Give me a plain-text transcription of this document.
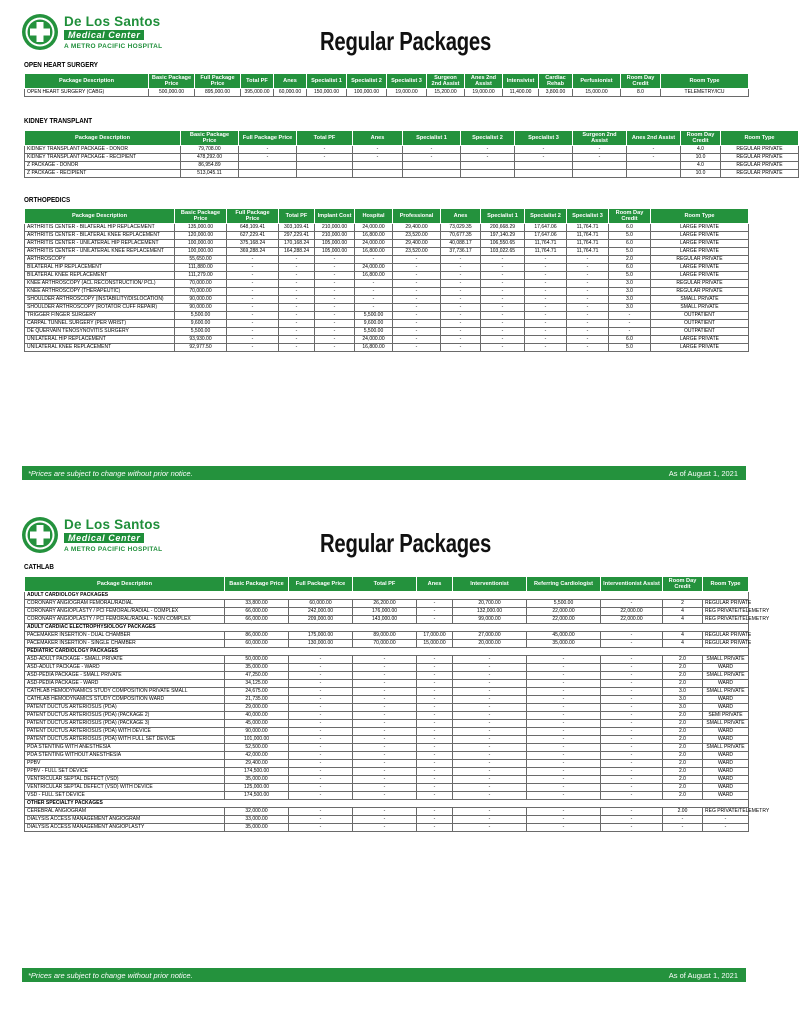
De Los Santos
Medical Center
A METRO PACIFIC HOSPITAL	Regular Packages
OPEN HEART SURGERY
Package Description	Basic Package Price	Full Package Price	Total PF	Anes	Specialist 1	Specialist 2	Specialist 3	Surgeon 2nd Assist	Anes 2nd Assist	Intensivist	Cardiac Rehab	Perfusionist	Room Day Credit	Room Type
OPEN HEART SURGERY (CABG)	500,000.00	895,000.00	395,000.00	60,000.00	150,000.00	100,000.00	19,000.00	15,200.00	19,000.00	11,400.00	3,800.00	15,000.00	8.0	TELEMETRY/ICU
KIDNEY TRANSPLANT
Package Description	Basic Package Price	Full Package Price	Total PF	Anes	Specialist 1	Specialist 2	Specialist 3	Surgeon 2nd Assist	Anes 2nd Assist	Room Day Credit	Room Type
KIDNEY TRANSPLANT PACKAGE - DONOR	79,708.00	-	-	-	-	-	-	-	-	4.0	REGULAR PRIVATE
KIDNEY TRANSPLANT PACKAGE - RECIPIENT	478,292.00	-	-	-	-	-	-	-	-	10.0	REGULAR PRIVATE
Z PACKAGE - DONOR	86,954.89									4.0	REGULAR PRIVATE
Z PACKAGE - RECIPIENT	513,045.11									10.0	REGULAR PRIVATE
ORTHOPEDICS
Package Description	Basic Package Price	Full Package Price	Total PF	Implant Cost	Hospital	Professional	Anes	Specialist 1	Specialist 2	Specialist 3	Room Day Credit	Room Type
ARTHRITIS CENTER - BILATERAL HIP REPLACEMENT	135,000.00	648,109.41	303,109.41	210,000.00	24,000.00	29,400.00	73,029.35	200,668.29	17,647.06	11,764.71	6.0	LARGE PRIVATE
ARTHRITIS CENTER - BILATERAL KNEE REPLACEMENT	120,000.00	627,229.41	297,229.41	210,000.00	16,800.00	23,520.00	70,677.35	197,140.29	17,647.06	11,764.71	5.0	LARGE PRIVATE
ARTHRITIS CENTER - UNILATERAL HIP REPLACEMENT	100,000.00	375,168.24	170,168.24	105,000.00	24,000.00	29,400.00	40,088.17	106,550.65	11,764.71	11,764.71	6.0	LARGE PRIVATE
ARTHRITIS CENTER - UNILATERAL KNEE REPLACEMENT	100,000.00	369,288.24	164,288.24	105,000.00	16,800.00	23,520.00	37,736.17	103,022.65	11,764.71	11,764.71	5.0	LARGE PRIVATE
ARTHROSCOPY	55,650.00	-	-	-	-	-	-	-	-	-	2.0	REGULAR PRIVATE
BILATERAL HIP REPLACEMENT	111,880.00	-	-	-	24,000.00	-	-	-	-	-	6.0	LARGE PRIVATE
BILATERAL KNEE REPLACEMENT	111,279.00	-	-	-	16,800.00	-	-	-	-	-	5.0	LARGE PRIVATE
KNEE ARTHROSCOPY (ACL RECONSTRUCTION/ PCL)	70,000.00	-	-	-	-	-	-	-	-	-	3.0	REGULAR PRIVATE
KNEE ARTHROSCOPY (THERAPEUTIC)	70,000.00	-	-	-	-	-	-	-	-	-	3.0	REGULAR PRIVATE
SHOULDER ARTHROSCOPY (INSTABILITY/DISLOCATION)	90,000.00	-	-	-	-	-	-	-	-	-	3.0	SMALL PRIVATE
SHOULDER ARTHROSCOPY (ROTATOR CUFF REPAIR)	90,000.00	-	-	-	-	-	-	-	-	-	3.0	SMALL PRIVATE
TRIGGER FINGER SURGERY	5,500.00	-	-	-	5,500.00	-	-	-	-	-	-	OUTPATIENT
CARPAL TUNNEL SURGERY (PER WRIST)	9,600.00	-	-	-	9,600.00	-	-	-	-	-	-	OUTPATIENT
DE QUERVAIN TENOSYNOVITIS SURGERY	5,500.00	-	-	-	5,500.00	-	-	-	-	-	-	OUTPATIENT
UNILATERAL HIP REPLACEMENT	93,930.00	-	-	-	24,000.00	-	-	-	-	-	6.0	LARGE PRIVATE
UNILATERAL KNEE REPLACEMENT	92,977.50	-	-	-	16,800.00	-	-	-	-	-	5.0	LARGE PRIVATE
*Prices are subject to change without prior notice.	As of August 1, 2021
De Los Santos
Medical Center
A METRO PACIFIC HOSPITAL	Regular Packages
CATHLAB
Package Description	Basic Package Price	Full Package Price	Total PF	Anes	Interventionist	Referring Cardiologist	Interventionist Assist	Room Day Credit	Room Type
ADULT CARDIOLOGY PACKAGES									
CORONARY ANGIOGRAM FEMORAL/RADIAL	33,800.00	60,000.00	26,200.00	-	20,700.00	5,500.00	-	2	REGULAR PRIVATE
CORONARY ANGIOPLASTY / PCI FEMORAL/RADIAL - COMPLEX	66,000.00	242,000.00	176,000.00	-	132,000.00	22,000.00	22,000.00	4	REG PRIVATE/TELEMETRY
CORONARY ANGIOPLASTY / PCI FEMORAL/RADIAL - NON COMPLEX	66,000.00	209,000.00	143,000.00	-	99,000.00	22,000.00	22,000.00	4	REG PRIVATE/TELEMETRY
ADULT CARDIAC ELECTROPHYSIOLOGY PACKAGES									
PACEMAKER INSERTION - DUAL CHAMBER	86,000.00	175,000.00	89,000.00	17,000.00	27,000.00	45,000.00	-	4	REGULAR PRIVATE
PACEMAKER INSERTION - SINGLE CHAMBER	60,000.00	130,000.00	70,000.00	15,000.00	20,000.00	35,000.00	-	4	REGULAR PRIVATE
PEDIATRIC CARDIOLOGY PACKAGES									
ASD-ADULT PACKAGE - SMALL PRIVATE	50,000.00	-	-	-	-	-	-	2.0	SMALL PRIVATE
ASD-ADULT PACKAGE - WARD	35,000.00	-	-	-	-	-	-	2.0	WARD
ASD-PEDIA PACKAGE - SMALL PRIVATE	47,250.00	-	-	-	-	-	-	2.0	SMALL PRIVATE
ASD-PEDIA PACKAGE - WARD	34,125.00	-	-	-	-	-	-	2.0	WARD
CATHLAB HEMODYNAMICS STUDY COMPOSITION PRIVATE SMALL	24,675.00	-	-	-	-	-	-	3.0	SMALL PRIVATE
CATHLAB HEMODYNAMICS STUDY COMPOSITION WARD	21,735.00	-	-	-	-	-	-	3.0	WARD
PATENT DUCTUS ARTERIOSUS (PDA)	29,000.00	-	-	-	-	-	-	3.0	WARD
PATENT DUCTUS ARTERIOSUS (PDA) (PACKAGE 2)	40,000.00	-	-	-	-	-	-	2.0	SEMI PRIVATE
PATENT DUCTUS ARTERIOSUS (PDA) (PACKAGE 3)	45,000.00	-	-	-	-	-	-	2.0	SMALL PRIVATE
PATENT DUCTUS ARTERIOSUS (PDA) WITH DEVICE	90,000.00	-	-	-	-	-	-	2.0	WARD
PATENT DUCTUS ARTERIOSUS (PDA) WITH FULL SET DEVICE	101,000.00	-	-	-	-	-	-	2.0	WARD
PDA STENTING WITH ANESTHESIA	52,500.00	-	-	-	-	-	-	2.0	SMALL PRIVATE
PDA STENTING WITHOUT ANESTHESIA	42,000.00	-	-	-	-	-	-	2.0	WARD
PPBV	29,400.00	-	-	-	-	-	-	2.0	WARD
PPBV - FULL SET DEVICE	174,500.00	-	-	-	-	-	-	2.0	WARD
VENTRICULAR SEPTAL DEFECT (VSD)	35,000.00	-	-	-	-	-	-	2.0	WARD
VENTRICULAR SEPTAL DEFECT (VSD) WITH DEVICE	125,000.00	-	-	-	-	-	-	2.0	WARD
VSD - FULL SET DEVICE	174,500.00	-	-	-	-	-	-	2.0	WARD
OTHER SPECIALTY PACKAGES									
CEREBRAL ANGIOGRAM	32,000.00	-	-	-	-	-	-	2.00	REG PRIVATE/TELEMETRY
DIALYSIS ACCESS MANAGEMENT ANGIOGRAM	33,000.00	-	-	-	-	-	-	-	-
DIALYSIS ACCESS MANAGEMENT ANGIOPLASTY	35,000.00	-	-	-	-	-	-	-	-
*Prices are subject to change without prior notice.	As of August 1, 2021
